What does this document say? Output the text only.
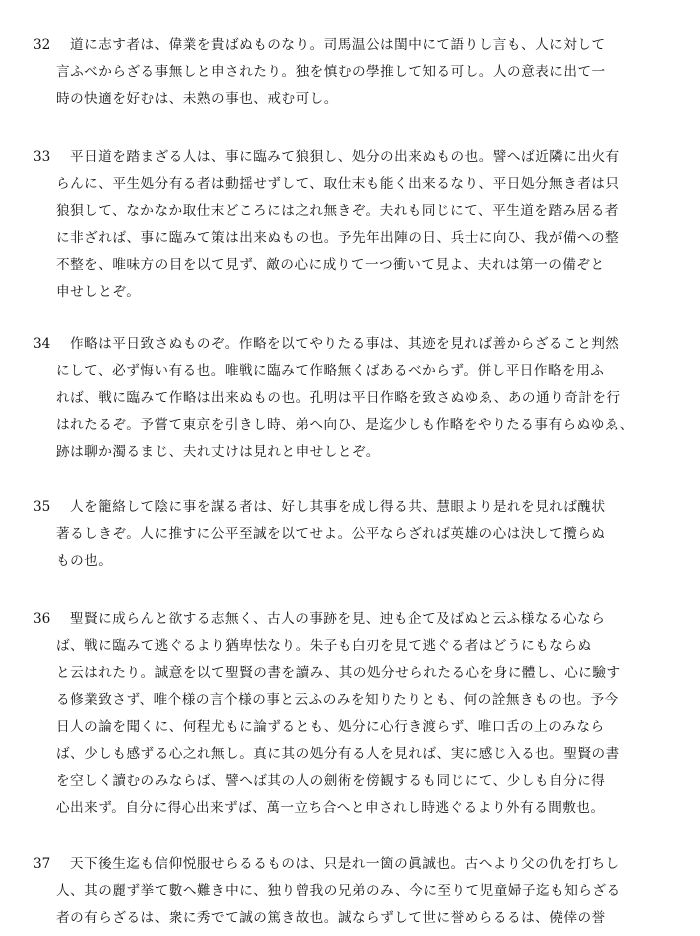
32 道に志す者は、偉業を貴ばぬものなり。司馬温公は閨中にて語りし言も、人に対して
言ふべからざる事無しと申されたり。独を慎むの學推して知る可し。人の意表に出て一
時の快適を好むは、未熟の事也、戒む可し。
33 平日道を踏まざる人は、事に臨みて狼狽し、処分の出来ぬもの也。譬へば近隣に出火有
らんに、平生処分有る者は動揺せずして、取仕末も能く出来るなり、平日処分無き者は只
狼狽して、なかなか取仕末どころには之れ無きぞ。夫れも同じにて、平生道を踏み居る者
に非ざれば、事に臨みて策は出来ぬもの也。予先年出陣の日、兵士に向ひ、我が備への整
不整を、唯味方の目を以て見ず、敵の心に成りて一つ衝いて見よ、夫れは第一の備ぞと
申せしとぞ。
34 作略は平日致さぬものぞ。作略を以てやりたる事は、其迹を見れば善からざること判然
にして、必ず悔い有る也。唯戦に臨みて作略無くばあるべからず。併し平日作略を用ふ
れば、戦に臨みて作略は出来ぬもの也。孔明は平日作略を致さぬゆゑ、あの通り奇計を行
はれたるぞ。予嘗て東京を引きし時、弟へ向ひ、是迄少しも作略をやりたる事有らぬゆゑ、
跡は聊か濁るまじ、夫れ丈けは見れと申せしとぞ。
35 人を籠絡して陰に事を謀る者は、好し其事を成し得る共、慧眼より是れを見れば醜状
著るしきぞ。人に推すに公平至誠を以てせよ。公平ならざれば英雄の心は決して攬らぬ
もの也。
36 聖賢に成らんと欲する志無く、古人の事跡を見、迚も企て及ばぬと云ふ様なる心なら
ば、戦に臨みて逃ぐるより猶卑怯なり。朱子も白刃を見て逃ぐる者はどうにもならぬ
と云はれたり。誠意を以て聖賢の書を讀み、其の処分せられたる心を身に體し、心に驗す
る修業致さず、唯个様の言个様の事と云ふのみを知りたりとも、何の詮無きもの也。予今
日人の論を聞くに、何程尤もに論ずるとも、処分に心行き渡らず、唯口舌の上のみなら
ば、少しも感ずる心之れ無し。真に其の処分有る人を見れば、実に感じ入る也。聖賢の書
を空しく讀むのみならば、譬へば其の人の劍術を傍観するも同じにて、少しも自分に得
心出来ず。自分に得心出来ずば、萬一立ち合へと申されし時逃ぐるより外有る間敷也。
37 天下後生迄も信仰悦服せらるるものは、只是れ一箇の眞誠也。古へより父の仇を打ちし
人、其の麗ず挙て數へ難き中に、独り曾我の兄弟のみ、今に至りて児童婦子迄も知らざる
者の有らざるは、衆に秀でて誠の篤き故也。誠ならずして世に誉めらるるは、僥倖の誉
